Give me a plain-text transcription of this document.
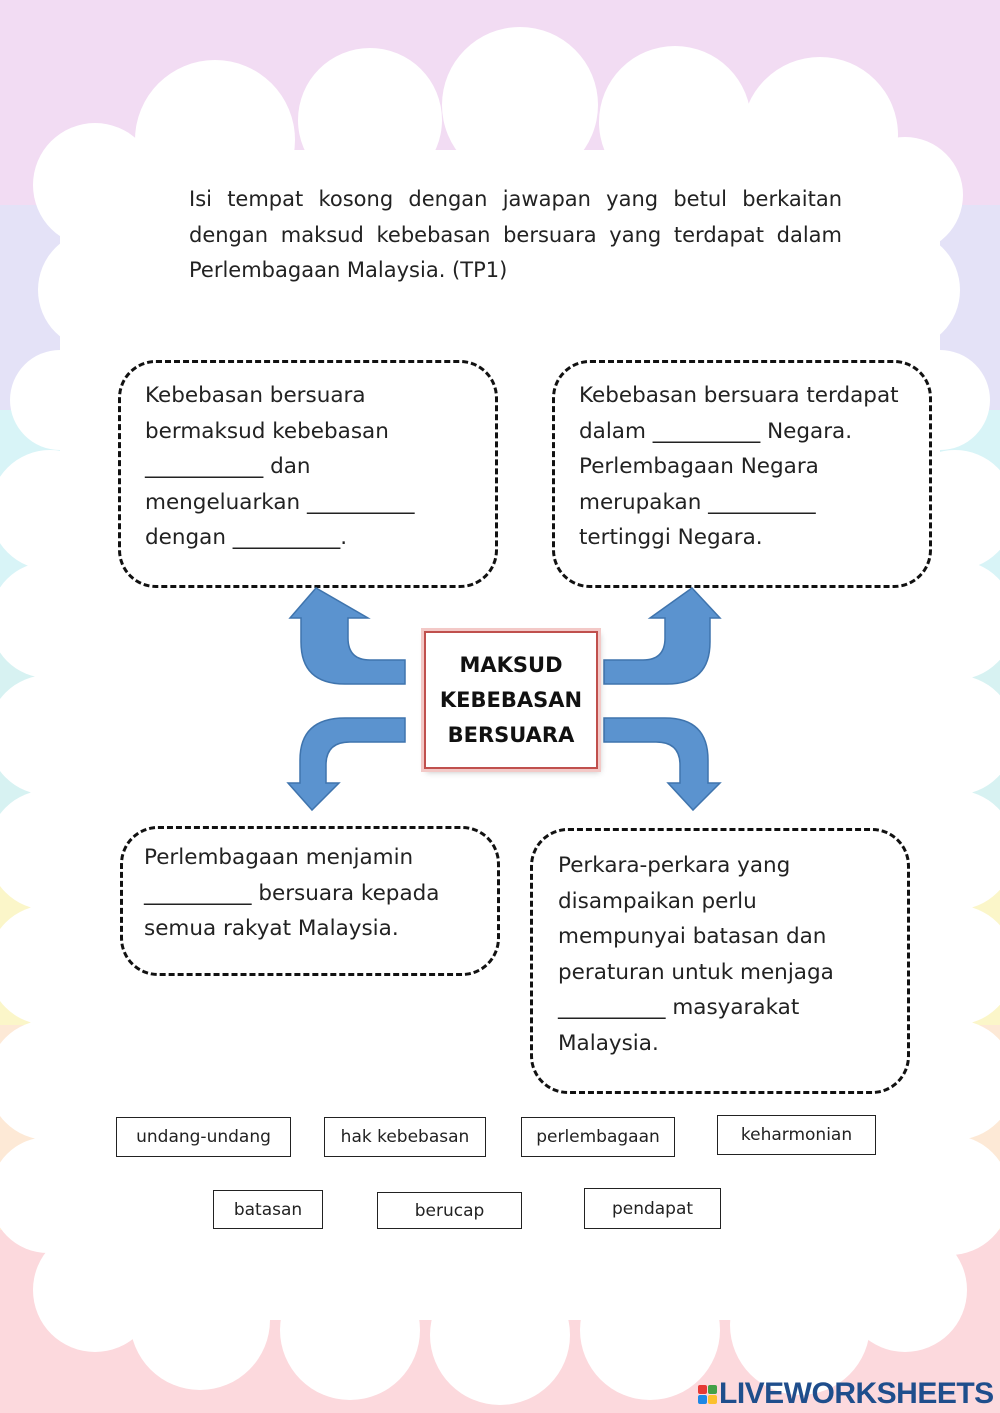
Isi tempat kosong dengan jawapan yang betul berkaitan dengan maksud kebebasan bersuara yang terdapat dalam Perlembagaan Malaysia. (TP1)
Kebebasan bersuara
bermaksud kebebasan
___________ dan
mengeluarkan __________
dengan __________.
Kebebasan bersuara terdapat
dalam __________ Negara.
Perlembagaan Negara
merupakan __________
tertinggi Negara.
Perlembagaan menjamin
__________ bersuara kepada
semua rakyat Malaysia.
Perkara-perkara yang
disampaikan perlu
mempunyai batasan dan
peraturan untuk menjaga
__________ masyarakat
Malaysia.
MAKSUD
KEBEBASAN
BERSUARA
undang-undang	hak kebebasan	perlembagaan	keharmonian
batasan	berucap	pendapat
LIVEWORKSHEETS
